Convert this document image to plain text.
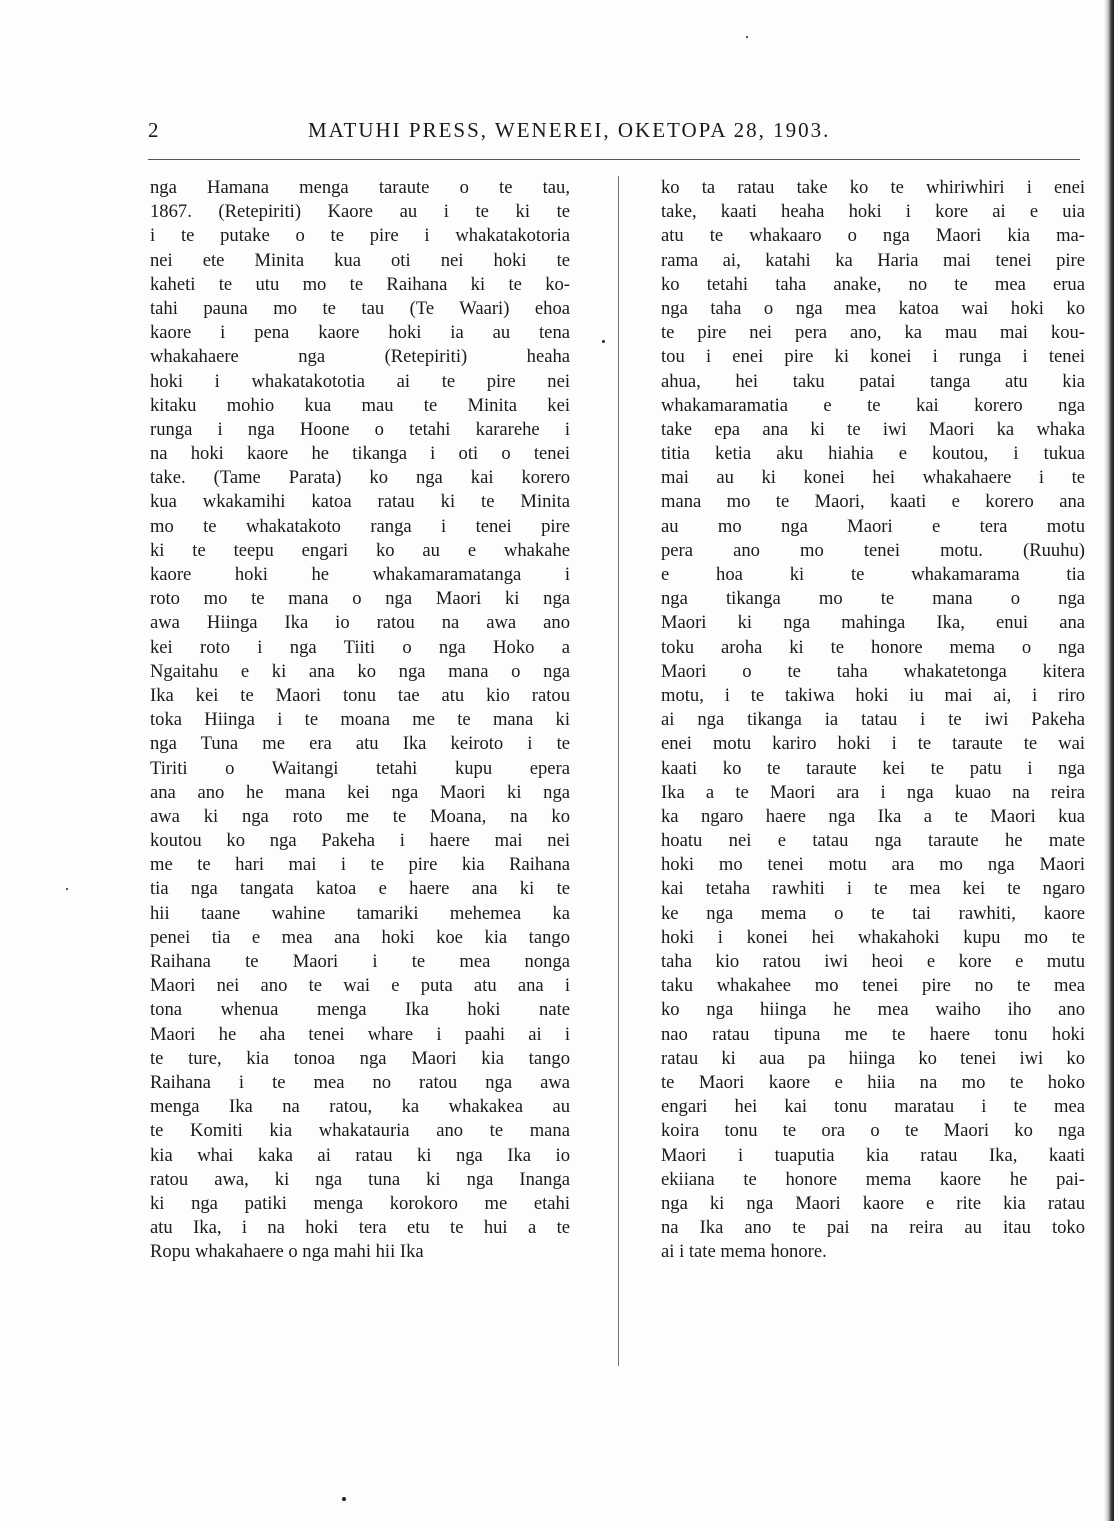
2	MATUHI PRESS, WENEREI, OKETOPA 28, 1903.
nga Hamana menga taraute o te tau,
1867. (Retepiriti) Kaore au i te ki te
i te putake o te pire i whakatakotoria
nei ete Minita kua oti nei hoki te
kaheti te utu mo te Raihana ki te ko-
tahi pauna mo te tau (Te Waari) ehoa
kaore i pena kaore hoki ia au tena
whakahaere nga (Retepiriti) heaha
hoki i whakatakototia ai te pire nei
kitaku mohio kua mau te Minita kei
runga i nga Hoone o tetahi kararehe i
na hoki kaore he tikanga i oti o tenei
take. (Tame Parata) ko nga kai korero
kua wkakamihi katoa ratau ki te Minita
mo te whakatakoto ranga i tenei pire
ki te teepu engari ko au e whakahe
kaore hoki he whakamaramatanga i
roto mo te mana o nga Maori ki nga
awa Hiinga Ika io ratou na awa ano
kei roto i nga Tiiti o nga Hoko a
Ngaitahu e ki ana ko nga mana o nga
Ika kei te Maori tonu tae atu kio ratou
toka Hiinga i te moana me te mana ki
nga Tuna me era atu Ika keiroto i te
Tiriti o Waitangi tetahi kupu epera
ana ano he mana kei nga Maori ki nga
awa ki nga roto me te Moana, na ko
koutou ko nga Pakeha i haere mai nei
me te hari mai i te pire kia Raihana
tia nga tangata katoa e haere ana ki te
hii taane wahine tamariki mehemea ka
penei tia e mea ana hoki koe kia tango
Raihana te Maori i te mea nonga
Maori nei ano te wai e puta atu ana i
tona whenua menga Ika hoki nate
Maori he aha tenei whare i paahi ai i
te ture, kia tonoa nga Maori kia tango
Raihana i te mea no ratou nga awa
menga Ika na ratou, ka whakakea au
te Komiti kia whakatauria ano te mana
kia whai kaka ai ratau ki nga Ika io
ratou awa, ki nga tuna ki nga Inanga
ki nga patiki menga korokoro me etahi
atu Ika, i na hoki tera etu te hui a te
Ropu whakahaere o nga mahi hii Ika
ko ta ratau take ko te whiriwhiri i enei
take, kaati heaha hoki i kore ai e uia
atu te whakaaro o nga Maori kia ma-
rama ai, katahi ka Haria mai tenei pire
ko tetahi taha anake, no te mea erua
nga taha o nga mea katoa wai hoki ko
te pire nei pera ano, ka mau mai kou-
tou i enei pire ki konei i runga i tenei
ahua, hei taku patai tanga atu kia
whakamaramatia e te kai korero nga
take epa ana ki te iwi Maori ka whaka
titia ketia aku hiahia e koutou, i tukua
mai au ki konei hei whakahaere i te
mana mo te Maori, kaati e korero ana
au mo nga Maori e tera motu
pera ano mo tenei motu. (Ruuhu)
e hoa ki te whakamarama tia
nga tikanga mo te mana o nga
Maori ki nga mahinga Ika, enui ana
toku aroha ki te honore mema o nga
Maori o te taha whakatetonga kitera
motu, i te takiwa hoki iu mai ai, i riro
ai nga tikanga ia tatau i te iwi Pakeha
enei motu kariro hoki i te taraute te wai
kaati ko te taraute kei te patu i nga
Ika a te Maori ara i nga kuao na reira
ka ngaro haere nga Ika a te Maori kua
hoatu nei e tatau nga taraute he mate
hoki mo tenei motu ara mo nga Maori
kai tetaha rawhiti i te mea kei te ngaro
ke nga mema o te tai rawhiti, kaore
hoki i konei hei whakahoki kupu mo te
taha kio ratou iwi heoi e kore e mutu
taku whakahee mo tenei pire no te mea
ko nga hiinga he mea waiho iho ano
nao ratau tipuna me te haere tonu hoki
ratau ki aua pa hiinga ko tenei iwi ko
te Maori kaore e hiia na mo te hoko
engari hei kai tonu maratau i te mea
koira tonu te ora o te Maori ko nga
Maori i tuaputia kia ratau Ika, kaati
ekiiana te honore mema kaore he pai-
nga ki nga Maori kaore e rite kia ratau
na Ika ano te pai na reira au itau toko
ai i tate mema honore.
